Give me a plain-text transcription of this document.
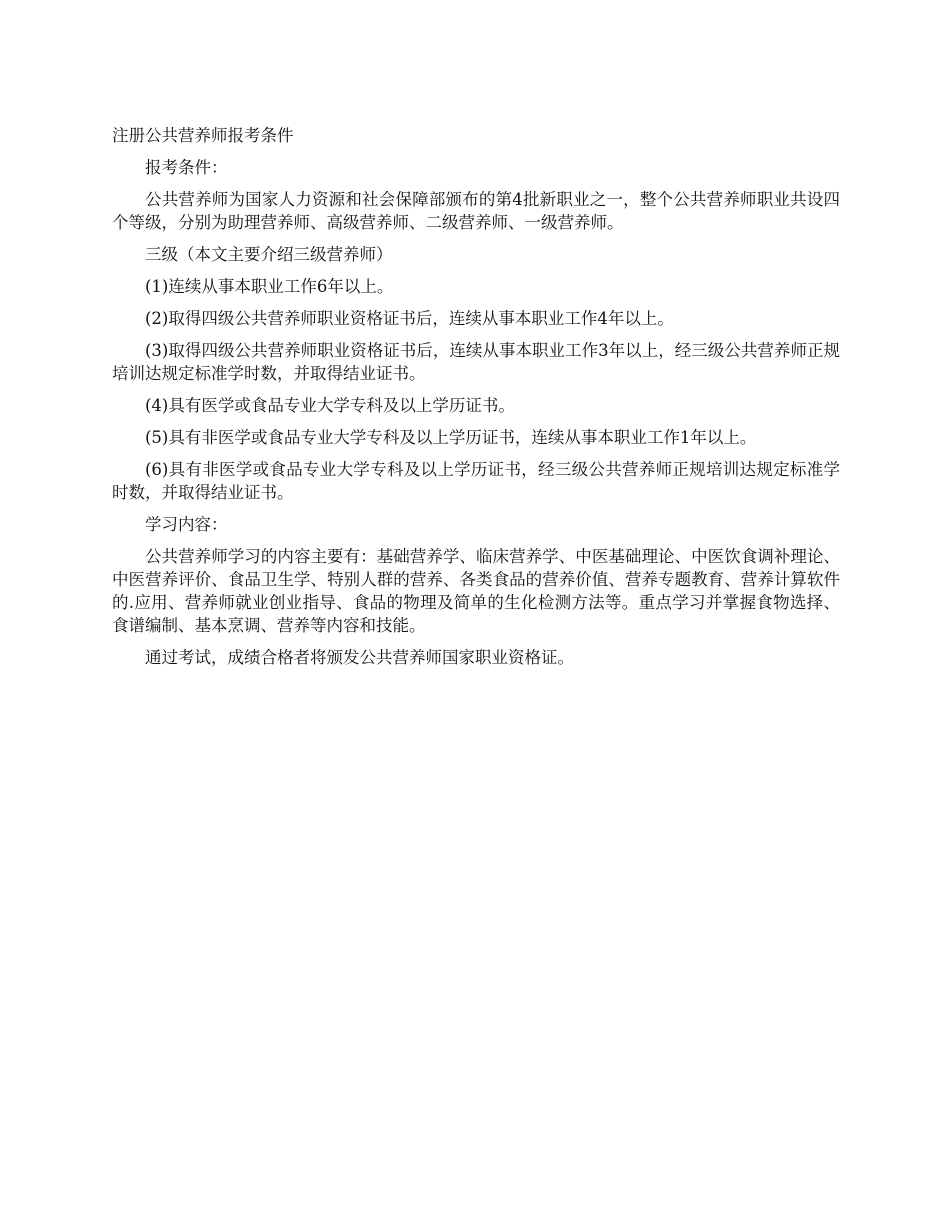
注册公共营养师报考条件

报考条件：

公共营养师为国家人力资源和社会保障部颁布的第4批新职业之一，整个公共营养师职业共设四个等级，分别为助理营养师、高级营养师、二级营养师、一级营养师。

三级（本文主要介绍三级营养师）

(1)连续从事本职业工作6年以上。

(2)取得四级公共营养师职业资格证书后，连续从事本职业工作4年以上。

(3)取得四级公共营养师职业资格证书后，连续从事本职业工作3年以上，经三级公共营养师正规培训达规定标准学时数，并取得结业证书。

(4)具有医学或食品专业大学专科及以上学历证书。

(5)具有非医学或食品专业大学专科及以上学历证书，连续从事本职业工作1年以上。

(6)具有非医学或食品专业大学专科及以上学历证书，经三级公共营养师正规培训达规定标准学时数，并取得结业证书。

学习内容：

公共营养师学习的内容主要有：基础营养学、临床营养学、中医基础理论、中医饮食调补理论、中医营养评价、食品卫生学、特别人群的营养、各类食品的营养价值、营养专题教育、营养计算软件的.应用、营养师就业创业指导、食品的物理及简单的生化检测方法等。重点学习并掌握食物选择、食谱编制、基本烹调、营养等内容和技能。

通过考试，成绩合格者将颁发公共营养师国家职业资格证。
